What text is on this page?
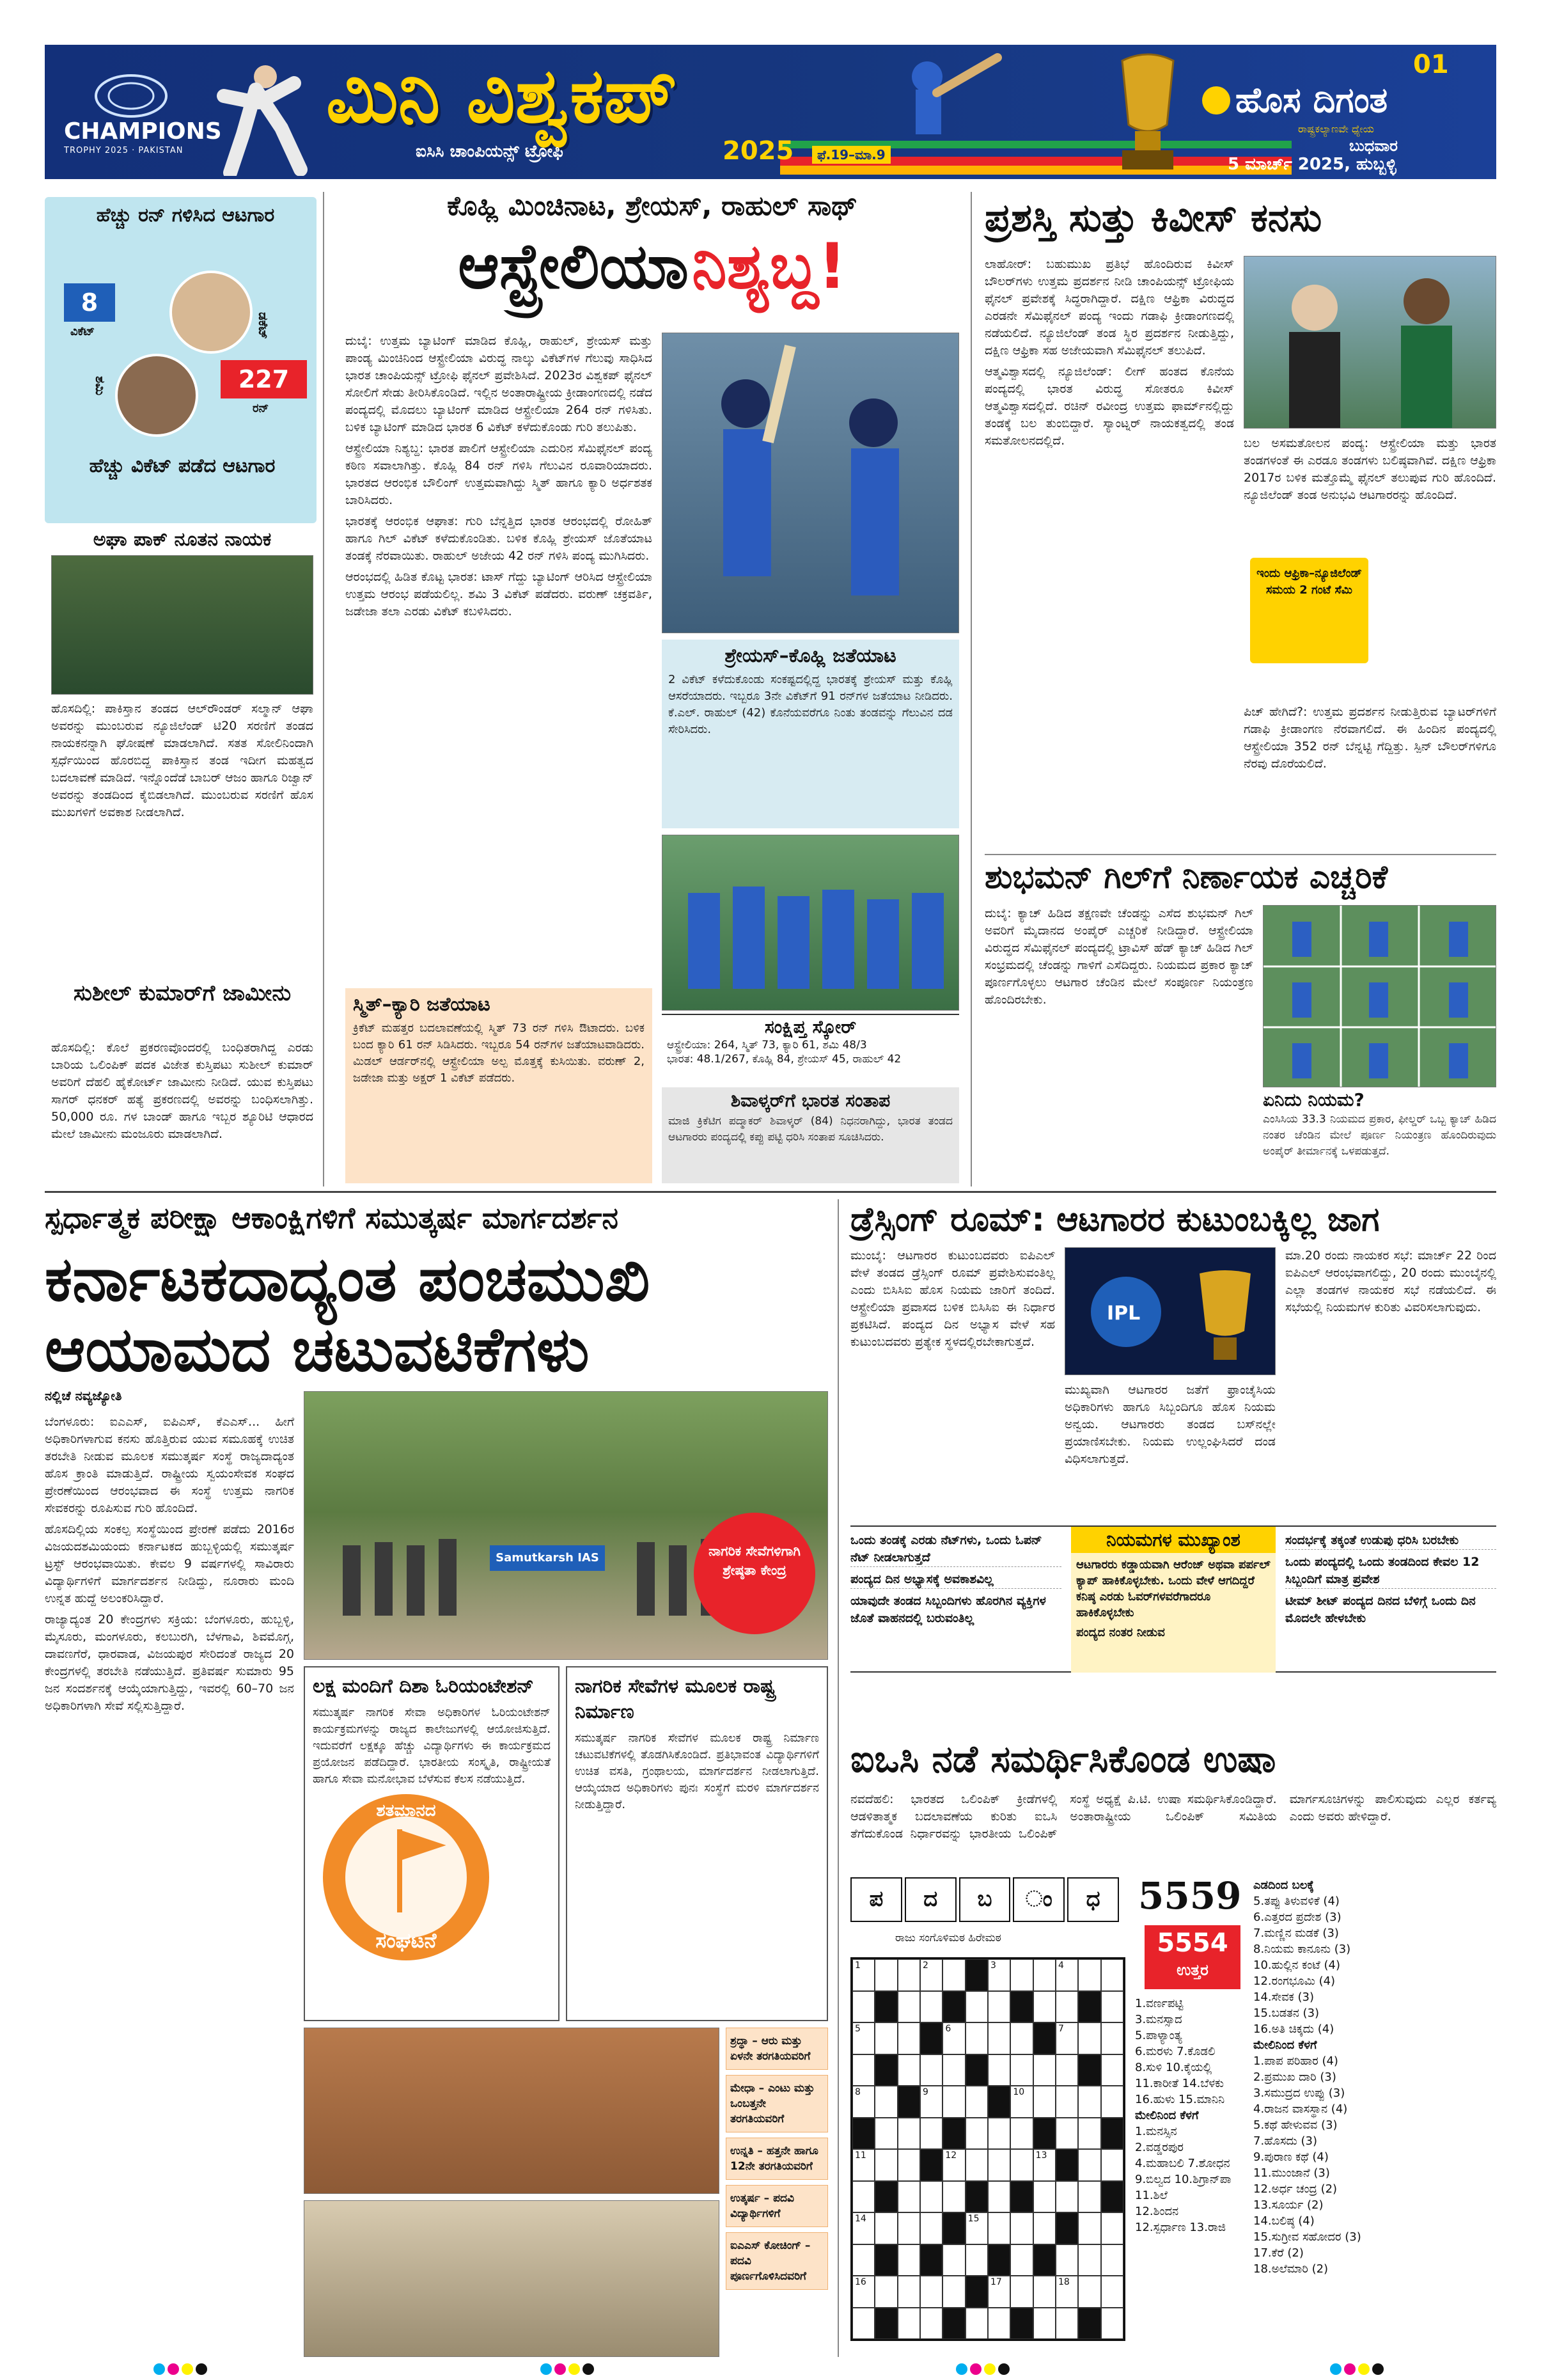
CHAMPIONS
TROPHY 2025 · PAKISTAN
ಮಿನಿ ವಿಶ್ವಕಪ್
ಐಸಿಸಿ ಚಾಂಪಿಯನ್ಸ್ ಟ್ರೋಫಿ	2025	ಫೆ.19–ಮಾ.9
01
ಹೊಸ ದಿಗಂತ
ರಾಷ್ಟ್ರಕಲ್ಯಾಣವೇ ಧ್ಯೇಯ
ಬುಧವಾರ
5 ಮಾರ್ಚ್ 2025, ಹುಬ್ಬಳ್ಳಿ
ಹೆಚ್ಚು ರನ್ ಗಳಿಸಿದ ಆಟಗಾರ
8
ವಿಕೆಟ್	ಡಕೆಟ್
ಶಮಿ	227
ರನ್
ಹೆಚ್ಚು ವಿಕೆಟ್ ಪಡೆದ ಆಟಗಾರ
ಅಘಾ ಪಾಕ್ ನೂತನ ನಾಯಕ
ಹೊಸದಿಲ್ಲಿ: ಪಾಕಿಸ್ತಾನ ತಂಡದ ಆಲ್‌ರೌಂಡರ್ ಸಲ್ಮಾನ್ ಆಘಾ ಅವರನ್ನು ಮುಂಬರುವ ನ್ಯೂಜಿಲೆಂಡ್ ಟಿ20 ಸರಣಿಗೆ ತಂಡದ ನಾಯಕನನ್ನಾಗಿ ಘೋಷಣೆ ಮಾಡಲಾಗಿದೆ. ಸತತ ಸೋಲಿನಿಂದಾಗಿ ಸ್ಪರ್ಧೆಯಿಂದ ಹೊರಬಿದ್ದ ಪಾಕಿಸ್ತಾನ ತಂಡ ಇದೀಗ ಮಹತ್ವದ ಬದಲಾವಣೆ ಮಾಡಿದೆ. ಇನ್ನೊಂದೆಡೆ ಬಾಬರ್ ಆಜಂ ಹಾಗೂ ರಿಜ್ವಾನ್ ಅವರನ್ನು ತಂಡದಿಂದ ಕೈಬಿಡಲಾಗಿದೆ. ಮುಂಬರುವ ಸರಣಿಗೆ ಹೊಸ ಮುಖಗಳಿಗೆ ಅವಕಾಶ ನೀಡಲಾಗಿದೆ.
ಸುಶೀಲ್ ಕುಮಾರ್‌ಗೆ ಜಾಮೀನು
ಹೊಸದಿಲ್ಲಿ: ಕೊಲೆ ಪ್ರಕರಣವೊಂದರಲ್ಲಿ ಬಂಧಿತರಾಗಿದ್ದ ಎರಡು ಬಾರಿಯ ಒಲಿಂಪಿಕ್ ಪದಕ ವಿಜೇತ ಕುಸ್ತಿಪಟು ಸುಶೀಲ್ ಕುಮಾರ್ ಅವರಿಗೆ ದೆಹಲಿ ಹೈಕೋರ್ಟ್ ಜಾಮೀನು ನೀಡಿದೆ. ಯುವ ಕುಸ್ತಿಪಟು ಸಾಗರ್ ಧನಕರ್ ಹತ್ಯೆ ಪ್ರಕರಣದಲ್ಲಿ ಅವರನ್ನು ಬಂಧಿಸಲಾಗಿತ್ತು. 50,000 ರೂ. ಗಳ ಬಾಂಡ್ ಹಾಗೂ ಇಬ್ಬರ ಶ್ಯೂರಿಟಿ ಆಧಾರದ ಮೇಲೆ ಜಾಮೀನು ಮಂಜೂರು ಮಾಡಲಾಗಿದೆ.
ಕೊಹ್ಲಿ ಮಿಂಚಿನಾಟ, ಶ್ರೇಯಸ್, ರಾಹುಲ್ ಸಾಥ್
ಆಸ್ಟ್ರೇಲಿಯಾ ನಿಶ್ಯಬ್ದ!

ದುಬೈ: ಉತ್ತಮ ಬ್ಯಾಟಿಂಗ್ ಮಾಡಿದ ಕೊಹ್ಲಿ, ರಾಹುಲ್, ಶ್ರೇಯಸ್ ಮತ್ತು ಪಾಂಡ್ಯ ಮಿಂಚಿನಿಂದ ಆಸ್ಟ್ರೇಲಿಯಾ ವಿರುದ್ಧ ನಾಲ್ಕು ವಿಕೆಟ್‌ಗಳ ಗೆಲುವು ಸಾಧಿಸಿದ ಭಾರತ ಚಾಂಪಿಯನ್ಸ್ ಟ್ರೋಫಿ ಫೈನಲ್ ಪ್ರವೇಶಿಸಿದೆ. 2023ರ ವಿಶ್ವಕಪ್ ಫೈನಲ್ ಸೋಲಿಗೆ ಸೇಡು ತೀರಿಸಿಕೊಂಡಿದೆ. ಇಲ್ಲಿನ ಅಂತಾರಾಷ್ಟ್ರೀಯ ಕ್ರೀಡಾಂಗಣದಲ್ಲಿ ನಡೆದ ಪಂದ್ಯದಲ್ಲಿ ಮೊದಲು ಬ್ಯಾಟಿಂಗ್ ಮಾಡಿದ ಆಸ್ಟ್ರೇಲಿಯಾ 264 ರನ್ ಗಳಿಸಿತು. ಬಳಿಕ ಬ್ಯಾಟಿಂಗ್ ಮಾಡಿದ ಭಾರತ 6 ವಿಕೆಟ್ ಕಳೆದುಕೊಂಡು ಗುರಿ ತಲುಪಿತು.

ಆಸ್ಟ್ರೇಲಿಯಾ ನಿಶ್ಯಬ್ದ: ಭಾರತ ಪಾಲಿಗೆ ಆಸ್ಟ್ರೇಲಿಯಾ ಎದುರಿನ ಸೆಮಿಫೈನಲ್ ಪಂದ್ಯ ಕಠಿಣ ಸವಾಲಾಗಿತ್ತು. ಕೊಹ್ಲಿ 84 ರನ್ ಗಳಿಸಿ ಗೆಲುವಿನ ರೂವಾರಿಯಾದರು. ಭಾರತದ ಆರಂಭಿಕ ಬೌಲಿಂಗ್ ಉತ್ತಮವಾಗಿದ್ದು ಸ್ಮಿತ್ ಹಾಗೂ ಕ್ಯಾರಿ ಅರ್ಧಶತಕ ಬಾರಿಸಿದರು.

ಭಾರತಕ್ಕೆ ಆರಂಭಿಕ ಆಘಾತ: ಗುರಿ ಬೆನ್ನತ್ತಿದ ಭಾರತ ಆರಂಭದಲ್ಲಿ ರೋಹಿತ್ ಹಾಗೂ ಗಿಲ್ ವಿಕೆಟ್ ಕಳೆದುಕೊಂಡಿತು. ಬಳಿಕ ಕೊಹ್ಲಿ ಶ್ರೇಯಸ್ ಜೊತೆಯಾಟ ತಂಡಕ್ಕೆ ನೆರವಾಯಿತು. ರಾಹುಲ್ ಅಜೇಯ 42 ರನ್ ಗಳಿಸಿ ಪಂದ್ಯ ಮುಗಿಸಿದರು.

ಆರಂಭದಲ್ಲಿ ಹಿಡಿತ ಕೊಟ್ಟ ಭಾರತ: ಟಾಸ್ ಗೆದ್ದು ಬ್ಯಾಟಿಂಗ್ ಆರಿಸಿದ ಆಸ್ಟ್ರೇಲಿಯಾ ಉತ್ತಮ ಆರಂಭ ಪಡೆಯಲಿಲ್ಲ. ಶಮಿ 3 ವಿಕೆಟ್ ಪಡೆದರು. ವರುಣ್ ಚಕ್ರವರ್ತಿ, ಜಡೇಜಾ ತಲಾ ಎರಡು ವಿಕೆಟ್ ಕಬಳಿಸಿದರು.

ಶ್ರೇಯಸ್–ಕೊಹ್ಲಿ ಜತೆಯಾಟ
2 ವಿಕೆಟ್ ಕಳೆದುಕೊಂಡು ಸಂಕಷ್ಟದಲ್ಲಿದ್ದ ಭಾರತಕ್ಕೆ ಶ್ರೇಯಸ್ ಮತ್ತು ಕೊಹ್ಲಿ ಆಸರೆಯಾದರು. ಇಬ್ಬರೂ 3ನೇ ವಿಕೆಟ್‌ಗೆ 91 ರನ್‌ಗಳ ಜತೆಯಾಟ ನೀಡಿದರು. ಕೆ.ಎಲ್. ರಾಹುಲ್ (42) ಕೊನೆಯವರೆಗೂ ನಿಂತು ತಂಡವನ್ನು ಗೆಲುವಿನ ದಡ ಸೇರಿಸಿದರು.
ಸ್ಮಿತ್–ಕ್ಯಾರಿ ಜತೆಯಾಟ
ಕ್ರಿಕೆಟ್ ಮಹತ್ತರ ಬದಲಾವಣೆಯಲ್ಲಿ ಸ್ಮಿತ್ 73 ರನ್ ಗಳಿಸಿ ಔಟಾದರು. ಬಳಿಕ ಬಂದ ಕ್ಯಾರಿ 61 ರನ್ ಸಿಡಿಸಿದರು. ಇಬ್ಬರೂ 54 ರನ್‌ಗಳ ಜತೆಯಾಟವಾಡಿದರು. ಮಿಡಲ್ ಆರ್ಡರ್‌ನಲ್ಲಿ ಆಸ್ಟ್ರೇಲಿಯಾ ಅಲ್ಪ ಮೊತ್ತಕ್ಕೆ ಕುಸಿಯಿತು. ವರುಣ್ 2, ಜಡೇಜಾ ಮತ್ತು ಅಕ್ಷರ್ 1 ವಿಕೆಟ್ ಪಡೆದರು.
ಸಂಕ್ಷಿಪ್ತ ಸ್ಕೋರ್
ಆಸ್ಟ್ರೇಲಿಯಾ: 264, ಸ್ಮಿತ್ 73, ಕ್ಯಾರಿ 61, ಶಮಿ 48/3
ಭಾರತ: 48.1/267, ಕೊಹ್ಲಿ 84, ಶ್ರೇಯಸ್ 45, ರಾಹುಲ್ 42
ಶಿವಾಳ್ಕರ್‌ಗೆ ಭಾರತ ಸಂತಾಪ
ಮಾಜಿ ಕ್ರಿಕೆಟಿಗ ಪದ್ಮಾಕರ್ ಶಿವಾಳ್ಕರ್ (84) ನಿಧನರಾಗಿದ್ದು, ಭಾರತ ತಂಡದ ಆಟಗಾರರು ಪಂದ್ಯದಲ್ಲಿ ಕಪ್ಪು ಪಟ್ಟಿ ಧರಿಸಿ ಸಂತಾಪ ಸೂಚಿಸಿದರು.
ಪ್ರಶಸ್ತಿ ಸುತ್ತು ಕಿವೀಸ್ ಕನಸು

ಲಾಹೋರ್: ಬಹುಮುಖ ಪ್ರತಿಭೆ ಹೊಂದಿರುವ ಕಿವೀಸ್ ಬೌಲರ್‌ಗಳು ಉತ್ತಮ ಪ್ರದರ್ಶನ ನೀಡಿ ಚಾಂಪಿಯನ್ಸ್ ಟ್ರೋಫಿಯ ಫೈನಲ್ ಪ್ರವೇಶಕ್ಕೆ ಸಿದ್ಧರಾಗಿದ್ದಾರೆ. ದಕ್ಷಿಣ ಆಫ್ರಿಕಾ ವಿರುದ್ಧದ ಎರಡನೇ ಸೆಮಿಫೈನಲ್ ಪಂದ್ಯ ಇಂದು ಗಡಾಫಿ ಕ್ರೀಡಾಂಗಣದಲ್ಲಿ ನಡೆಯಲಿದೆ. ನ್ಯೂಜಿಲೆಂಡ್ ತಂಡ ಸ್ಥಿರ ಪ್ರದರ್ಶನ ನೀಡುತ್ತಿದ್ದು, ದಕ್ಷಿಣ ಆಫ್ರಿಕಾ ಸಹ ಅಜೇಯವಾಗಿ ಸೆಮಿಫೈನಲ್ ತಲುಪಿದೆ.

ಆತ್ಮವಿಶ್ವಾಸದಲ್ಲಿ ನ್ಯೂಜಿಲೆಂಡ್: ಲೀಗ್ ಹಂತದ ಕೊನೆಯ ಪಂದ್ಯದಲ್ಲಿ ಭಾರತ ವಿರುದ್ಧ ಸೋತರೂ ಕಿವೀಸ್ ಆತ್ಮವಿಶ್ವಾಸದಲ್ಲಿದೆ. ರಚಿನ್ ರವೀಂದ್ರ ಉತ್ತಮ ಫಾರ್ಮ್‌ನಲ್ಲಿದ್ದು ತಂಡಕ್ಕೆ ಬಲ ತುಂಬಿದ್ದಾರೆ. ಸ್ಯಾಂಟ್ನರ್ ನಾಯಕತ್ವದಲ್ಲಿ ತಂಡ ಸಮತೋಲನದಲ್ಲಿದೆ.	ಬಲ ಅಸಮತೋಲನ ಪಂದ್ಯ: ಆಸ್ಟ್ರೇಲಿಯಾ ಮತ್ತು ಭಾರತ ತಂಡಗಳಂತೆ ಈ ಎರಡೂ ತಂಡಗಳು ಬಲಿಷ್ಠವಾಗಿವೆ. ದಕ್ಷಿಣ ಆಫ್ರಿಕಾ 2017ರ ಬಳಿಕ ಮತ್ತೊಮ್ಮೆ ಫೈನಲ್ ತಲುಪುವ ಗುರಿ ಹೊಂದಿದೆ. ನ್ಯೂಜಿಲೆಂಡ್ ತಂಡ ಅನುಭವಿ ಆಟಗಾರರನ್ನು ಹೊಂದಿದೆ.
ಇಂದು ಆಫ್ರಿಕಾ–ನ್ಯೂಜಿಲೆಂಡ್ ಸಮಯ 2 ಗಂಟೆ ಸೆಮಿ
ಪಿಚ್ ಹೇಗಿದೆ?: ಉತ್ತಮ ಪ್ರದರ್ಶನ ನೀಡುತ್ತಿರುವ ಬ್ಯಾಟರ್‌ಗಳಿಗೆ ಗಡಾಫಿ ಕ್ರೀಡಾಂಗಣ ನೆರವಾಗಲಿದೆ. ಈ ಹಿಂದಿನ ಪಂದ್ಯದಲ್ಲಿ ಆಸ್ಟ್ರೇಲಿಯಾ 352 ರನ್ ಬೆನ್ನಟ್ಟಿ ಗೆದ್ದಿತ್ತು. ಸ್ಪಿನ್ ಬೌಲರ್‌ಗಳಿಗೂ ನೆರವು ದೊರೆಯಲಿದೆ.
ಶುಭಮನ್ ಗಿಲ್‌ಗೆ ನಿರ್ಣಾಯಕ ಎಚ್ಚರಿಕೆ
ದುಬೈ: ಕ್ಯಾಚ್ ಹಿಡಿದ ತಕ್ಷಣವೇ ಚೆಂಡನ್ನು ಎಸೆದ ಶುಭಮನ್ ಗಿಲ್ ಅವರಿಗೆ ಮೈದಾನದ ಅಂಪೈರ್ ಎಚ್ಚರಿಕೆ ನೀಡಿದ್ದಾರೆ. ಆಸ್ಟ್ರೇಲಿಯಾ ವಿರುದ್ಧದ ಸೆಮಿಫೈನಲ್ ಪಂದ್ಯದಲ್ಲಿ ಟ್ರಾವಿಸ್ ಹೆಡ್ ಕ್ಯಾಚ್ ಹಿಡಿದ ಗಿಲ್ ಸಂಭ್ರಮದಲ್ಲಿ ಚೆಂಡನ್ನು ಗಾಳಿಗೆ ಎಸೆದಿದ್ದರು. ನಿಯಮದ ಪ್ರಕಾರ ಕ್ಯಾಚ್ ಪೂರ್ಣಗೊಳ್ಳಲು ಆಟಗಾರ ಚೆಂಡಿನ ಮೇಲೆ ಸಂಪೂರ್ಣ ನಿಯಂತ್ರಣ ಹೊಂದಿರಬೇಕು.
ಏನಿದು ನಿಯಮ?
ಎಂಸಿಸಿಯ 33.3 ನಿಯಮದ ಪ್ರಕಾರ, ಫೀಲ್ಡರ್ ಒಬ್ಬ ಕ್ಯಾಚ್ ಹಿಡಿದ ನಂತರ ಚೆಂಡಿನ ಮೇಲೆ ಪೂರ್ಣ ನಿಯಂತ್ರಣ ಹೊಂದಿರುವುದು ಅಂಪೈರ್ ತೀರ್ಮಾನಕ್ಕೆ ಒಳಪಡುತ್ತದೆ.
ಸ್ಪರ್ಧಾತ್ಮಕ ಪರೀಕ್ಷಾ ಆಕಾಂಕ್ಷಿಗಳಿಗೆ ಸಮುತ್ಕರ್ಷ ಮಾರ್ಗದರ್ಶನ
ಕರ್ನಾಟಕದಾದ್ಯಂತ ಪಂಚಮುಖಿ
ಆಯಾಮದ ಚಟುವಟಿಕೆಗಳು
ನಲ್ಲಿಚೆ ನವ್ಯಜ್ಯೋತಿ

ಬೆಂಗಳೂರು: ಐಎಎಸ್, ಐಪಿಎಸ್, ಕೆಎಎಸ್... ಹೀಗೆ ಅಧಿಕಾರಿಗಳಾಗುವ ಕನಸು ಹೊತ್ತಿರುವ ಯುವ ಸಮೂಹಕ್ಕೆ ಉಚಿತ ತರಬೇತಿ ನೀಡುವ ಮೂಲಕ ಸಮುತ್ಕರ್ಷ ಸಂಸ್ಥೆ ರಾಜ್ಯದಾದ್ಯಂತ ಹೊಸ ಕ್ರಾಂತಿ ಮಾಡುತ್ತಿದೆ. ರಾಷ್ಟ್ರೀಯ ಸ್ವಯಂಸೇವಕ ಸಂಘದ ಪ್ರೇರಣೆಯಿಂದ ಆರಂಭವಾದ ಈ ಸಂಸ್ಥೆ ಉತ್ತಮ ನಾಗರಿಕ ಸೇವಕರನ್ನು ರೂಪಿಸುವ ಗುರಿ ಹೊಂದಿದೆ.

ಹೊಸದಿಲ್ಲಿಯ ಸಂಕಲ್ಪ ಸಂಸ್ಥೆಯಿಂದ ಪ್ರೇರಣೆ ಪಡೆದು 2016ರ ವಿಜಯದಶಮಿಯಂದು ಕರ್ನಾಟಕದ ಹುಬ್ಬಳ್ಳಿಯಲ್ಲಿ ಸಮುತ್ಕರ್ಷ ಟ್ರಸ್ಟ್ ಆರಂಭವಾಯಿತು. ಕೇವಲ 9 ವರ್ಷಗಳಲ್ಲಿ ಸಾವಿರಾರು ವಿದ್ಯಾರ್ಥಿಗಳಿಗೆ ಮಾರ್ಗದರ್ಶನ ನೀಡಿದ್ದು, ನೂರಾರು ಮಂದಿ ಉನ್ನತ ಹುದ್ದೆ ಅಲಂಕರಿಸಿದ್ದಾರೆ.

ರಾಜ್ಯಾದ್ಯಂತ 20 ಕೇಂದ್ರಗಳು ಸಕ್ರಿಯ: ಬೆಂಗಳೂರು, ಹುಬ್ಬಳ್ಳಿ, ಮೈಸೂರು, ಮಂಗಳೂರು, ಕಲಬುರಗಿ, ಬೆಳಗಾವಿ, ಶಿವಮೊಗ್ಗ, ದಾವಣಗೆರೆ, ಧಾರವಾಡ, ವಿಜಯಪುರ ಸೇರಿದಂತೆ ರಾಜ್ಯದ 20 ಕೇಂದ್ರಗಳಲ್ಲಿ ತರಬೇತಿ ನಡೆಯುತ್ತಿದೆ. ಪ್ರತಿವರ್ಷ ಸುಮಾರು 95 ಜನ ಸಂದರ್ಶನಕ್ಕೆ ಆಯ್ಕೆಯಾಗುತ್ತಿದ್ದು, ಇವರಲ್ಲಿ 60–70 ಜನ ಅಧಿಕಾರಿಗಳಾಗಿ ಸೇವೆ ಸಲ್ಲಿಸುತ್ತಿದ್ದಾರೆ.

Samutkarsh IAS	ನಾಗರಿಕ ಸೇವೆಗಳಿಗಾಗಿ ಶ್ರೇಷ್ಠತಾ ಕೇಂದ್ರ
ಲಕ್ಷ ಮಂದಿಗೆ ದಿಶಾ ಓರಿಯಂಟೇಶನ್
ಸಮುತ್ಕರ್ಷ ನಾಗರಿಕ ಸೇವಾ ಅಧಿಕಾರಿಗಳ ಓರಿಯಂಟೇಶನ್ ಕಾರ್ಯಕ್ರಮಗಳನ್ನು ರಾಜ್ಯದ ಕಾಲೇಜುಗಳಲ್ಲಿ ಆಯೋಜಿಸುತ್ತಿದೆ. ಇದುವರೆಗೆ ಲಕ್ಷಕ್ಕೂ ಹೆಚ್ಚು ವಿದ್ಯಾರ್ಥಿಗಳು ಈ ಕಾರ್ಯಕ್ರಮದ ಪ್ರಯೋಜನ ಪಡೆದಿದ್ದಾರೆ. ಭಾರತೀಯ ಸಂಸ್ಕೃತಿ, ರಾಷ್ಟ್ರೀಯತೆ ಹಾಗೂ ಸೇವಾ ಮನೋಭಾವ ಬೆಳೆಸುವ ಕೆಲಸ ನಡೆಯುತ್ತಿದೆ.
ನಾಗರಿಕ ಸೇವೆಗಳ ಮೂಲಕ ರಾಷ್ಟ್ರ ನಿರ್ಮಾಣ
ಸಮುತ್ಕರ್ಷ ನಾಗರಿಕ ಸೇವೆಗಳ ಮೂಲಕ ರಾಷ್ಟ್ರ ನಿರ್ಮಾಣ ಚಟುವಟಿಕೆಗಳಲ್ಲಿ ತೊಡಗಿಸಿಕೊಂಡಿದೆ. ಪ್ರತಿಭಾವಂತ ವಿದ್ಯಾರ್ಥಿಗಳಿಗೆ ಉಚಿತ ವಸತಿ, ಗ್ರಂಥಾಲಯ, ಮಾರ್ಗದರ್ಶನ ನೀಡಲಾಗುತ್ತಿದೆ. ಆಯ್ಕೆಯಾದ ಅಧಿಕಾರಿಗಳು ಪುನಃ ಸಂಸ್ಥೆಗೆ ಮರಳಿ ಮಾರ್ಗದರ್ಶನ ನೀಡುತ್ತಿದ್ದಾರೆ.
ಶತಮಾನದ
ಸಂಘಟನೆ
ಶ್ರದ್ಧಾ – ಆರು ಮತ್ತು ಏಳನೇ ತರಗತಿಯವರಿಗೆ
ಮೇಧಾ – ಎಂಟು ಮತ್ತು ಒಂಬತ್ತನೇ ತರಗತಿಯವರಿಗೆ
ಉನ್ನತಿ – ಹತ್ತನೇ ಹಾಗೂ 12ನೇ ತರಗತಿಯವರಿಗೆ
ಉತ್ಕರ್ಷ – ಪದವಿ ವಿದ್ಯಾರ್ಥಿಗಳಿಗೆ
ಐಎಎಸ್ ಕೋಚಿಂಗ್ – ಪದವಿ ಪೂರ್ಣಗೊಳಿಸಿದವರಿಗೆ
ಡ್ರೆಸ್ಸಿಂಗ್ ರೂಮ್: ಆಟಗಾರರ ಕುಟುಂಬಕ್ಕಿಲ್ಲ ಜಾಗ
ಮುಂಬೈ: ಆಟಗಾರರ ಕುಟುಂಬದವರು ಐಪಿಎಲ್ ವೇಳೆ ತಂಡದ ಡ್ರೆಸ್ಸಿಂಗ್ ರೂಮ್ ಪ್ರವೇಶಿಸುವಂತಿಲ್ಲ ಎಂದು ಬಿಸಿಸಿಐ ಹೊಸ ನಿಯಮ ಜಾರಿಗೆ ತಂದಿದೆ. ಆಸ್ಟ್ರೇಲಿಯಾ ಪ್ರವಾಸದ ಬಳಿಕ ಬಿಸಿಸಿಐ ಈ ನಿರ್ಧಾರ ಪ್ರಕಟಿಸಿದೆ. ಪಂದ್ಯದ ದಿನ ಅಭ್ಯಾಸ ವೇಳೆ ಸಹ ಕುಟುಂಬದವರು ಪ್ರತ್ಯೇಕ ಸ್ಥಳದಲ್ಲಿರಬೇಕಾಗುತ್ತದೆ.
IPL
ಮುಖ್ಯವಾಗಿ ಆಟಗಾರರ ಜತೆಗೆ ಫ್ರಾಂಚೈಸಿಯ ಅಧಿಕಾರಿಗಳು ಹಾಗೂ ಸಿಬ್ಬಂದಿಗೂ ಹೊಸ ನಿಯಮ ಅನ್ವಯ. ಆಟಗಾರರು ತಂಡದ ಬಸ್‌ನಲ್ಲೇ ಪ್ರಯಾಣಿಸಬೇಕು. ನಿಯಮ ಉಲ್ಲಂಘಿಸಿದರೆ ದಂಡ ವಿಧಿಸಲಾಗುತ್ತದೆ.
ಮಾ.20 ರಂದು ನಾಯಕರ ಸಭೆ: ಮಾರ್ಚ್ 22 ರಿಂದ ಐಪಿಎಲ್ ಆರಂಭವಾಗಲಿದ್ದು, 20 ರಂದು ಮುಂಬೈನಲ್ಲಿ ಎಲ್ಲಾ ತಂಡಗಳ ನಾಯಕರ ಸಭೆ ನಡೆಯಲಿದೆ. ಈ ಸಭೆಯಲ್ಲಿ ನಿಯಮಗಳ ಕುರಿತು ವಿವರಿಸಲಾಗುವುದು.
ಒಂದು ತಂಡಕ್ಕೆ ಎರಡು ನೆಟ್‌ಗಳು, ಒಂದು ಓಪನ್ ನೆಟ್ ನೀಡಲಾಗುತ್ತದೆ
ಪಂದ್ಯದ ದಿನ ಅಭ್ಯಾಸಕ್ಕೆ ಅವಕಾಶವಿಲ್ಲ
ಯಾವುದೇ ತಂಡದ ಸಿಬ್ಬಂದಿಗಳು ಹೊರಗಿನ ವ್ಯಕ್ತಿಗಳ ಜೊತೆ ವಾಹನದಲ್ಲಿ ಬರುವಂತಿಲ್ಲ
ನಿಯಮಗಳ ಮುಖ್ಯಾಂಶ
ಆಟಗಾರರು ಕಡ್ಡಾಯವಾಗಿ ಆರೆಂಜ್ ಅಥವಾ ಪರ್ಪಲ್ ಕ್ಯಾಪ್ ಹಾಕಿಕೊಳ್ಳಬೇಕು. ಒಂದು ವೇಳೆ ಆಗದಿದ್ದರೆ ಕನಿಷ್ಠ ಎರಡು ಓವರ್‌ಗಳವರೆಗಾದರೂ ಹಾಕಿಕೊಳ್ಳಬೇಕು
ಪಂದ್ಯದ ನಂತರ ನೀಡುವ
ಸಂದರ್ಭಕ್ಕೆ ತಕ್ಕಂತೆ ಉಡುಪು ಧರಿಸಿ ಬರಬೇಕು
ಒಂದು ಪಂದ್ಯದಲ್ಲಿ ಒಂದು ತಂಡದಿಂದ ಕೇವಲ 12 ಸಿಬ್ಬಂದಿಗೆ ಮಾತ್ರ ಪ್ರವೇಶ
ಟೀಮ್ ಶೀಟ್ ಪಂದ್ಯದ ದಿನದ ಬೆಳಿಗ್ಗೆ ಒಂದು ದಿನ ಮೊದಲೇ ಹೇಳಬೇಕು
ಐಒಸಿ ನಡೆ ಸಮರ್ಥಿಸಿಕೊಂಡ ಉಷಾ
ನವದೆಹಲಿ: ಭಾರತದ ಒಲಿಂಪಿಕ್ ಕ್ರೀಡೆಗಳಲ್ಲಿ ಆಡಳಿತಾತ್ಮಕ ಬದಲಾವಣೆಯ ಕುರಿತು ಐಒಸಿ ತೆಗೆದುಕೊಂಡ ನಿರ್ಧಾರವನ್ನು ಭಾರತೀಯ ಒಲಿಂಪಿಕ್ ಸಂಸ್ಥೆ ಅಧ್ಯಕ್ಷೆ ಪಿ.ಟಿ. ಉಷಾ ಸಮರ್ಥಿಸಿಕೊಂಡಿದ್ದಾರೆ. ಅಂತಾರಾಷ್ಟ್ರೀಯ ಒಲಿಂಪಿಕ್ ಸಮಿತಿಯ ಮಾರ್ಗಸೂಚಿಗಳನ್ನು ಪಾಲಿಸುವುದು ಎಲ್ಲರ ಕರ್ತವ್ಯ ಎಂದು ಅವರು ಹೇಳಿದ್ದಾರೆ.
ಪ	ದ	ಬ	ಂ	ಧ	5559
5554
ಉತ್ತರ
ರಾಜು ಸಂಗೊಳಿಮಠ ಹಿರೇಮಠ
1	2	3	4
5	6	7
8	9	10
11	12	13
14	15
16	17	18
1.ವರ್ಣಪಟ್ಟಿ
3.ಮನಸ್ಸಾದ
5.ಪಾಳ್ಯಾಂತ್ಯ
6.ಮರಳು 7.ಕೊಡಲಿ
8.ಸುಳಿ 10.ಕೈಯಲ್ಲಿ
11.ಕಾರೀತೆ 14.ಬೆಳಕು
16.ಹುಳು 15.ಮಾನಿನಿ
ಮೇಲಿನಿಂದ ಕೆಳಗೆ
1.ಮನಸ್ಸಿನ
2.ವಡ್ಡರಪುರ
4.ಮಹಾಬಲಿ 7.ಶೋಧನ
9.ಬಿಲ್ವದ 10.ಶಿಗ್ರಾನ್‌ಪಾ
11.ಶಿಲೆ
12.ಶಿಂದನ
12.ಸ್ಪರ್ಧಾಣ 13.ರಾಜಿ
ಎಡದಿಂದ ಬಲಕ್ಕೆ
5.ತಪ್ಪು ತಿಳುವಳಿಕೆ (4)
6.ಎತ್ತರದ ಪ್ರದೇಶ (3)
7.ಮಣ್ಣಿನ ಮಡಕೆ (3)
8.ನಿಯಮ ಕಾನೂನು (3)
10.ಹುಲ್ಲಿನ ಕಂಟೆ (4)
12.ರಂಗಭೂಮಿ (4)
14.ಸೇವಕ (3)
15.ಬಡತನ (3)
16.ಅತಿ ಚಿಕ್ಕದು (4)
ಮೇಲಿನಿಂದ ಕೆಳಗೆ
1.ಪಾಪ ಪರಿಹಾರ (4)
2.ಪ್ರಮುಖ ದಾರಿ (3)
3.ಸಮುದ್ರದ ಉಪ್ಪು (3)
4.ರಾಜನ ವಾಸಸ್ಥಾನ (4)
5.ಕಥೆ ಹೇಳುವವ (3)
7.ಹೊಸದು (3)
9.ಪುರಾಣ ಕಥೆ (4)
11.ಮುಂಜಾನೆ (3)
12.ಅರ್ಧ ಚಂದ್ರ (2)
13.ಸೂರ್ಯ (2)
14.ಬಲಿಷ್ಠ (4)
15.ಸುಗ್ರೀವ ಸಹೋದರ (3)
17.ಕೆರೆ (2)
18.ಅಲೆಮಾರಿ (2)
